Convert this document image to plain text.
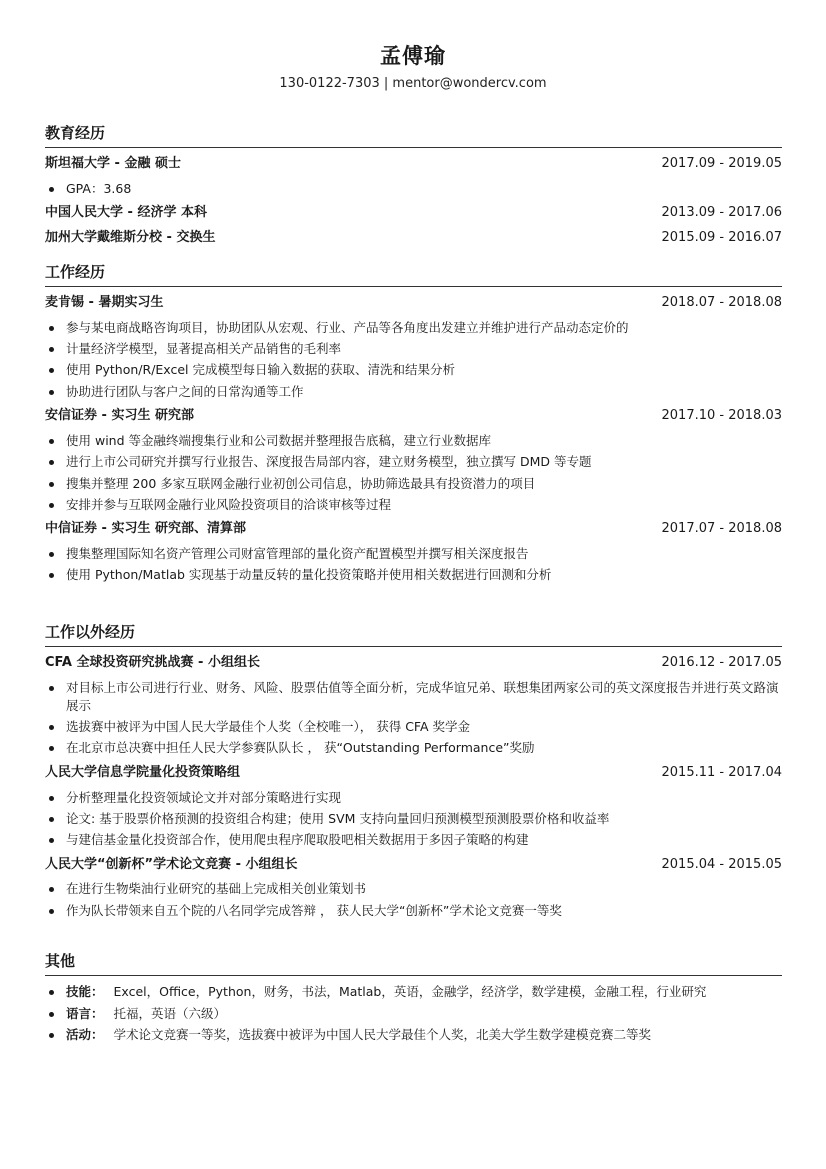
孟傅瑜
130-0122-7303 | mentor@wondercv.com
教育经历
斯坦福大学 - 金融 硕士	2017.09 - 2019.05
GPA：3.68
中国人民大学 - 经济学 本科	2013.09 - 2017.06
加州大学戴维斯分校 - 交换生	2015.09 - 2016.07
工作经历
麦肯锡 - 暑期实习生	2018.07 - 2018.08
参与某电商战略咨询项目，协助团队从宏观、行业、产品等各角度出发建立并维护进行产品动态定价的
计量经济学模型，显著提高相关产品销售的毛利率
使用 Python/R/Excel 完成模型每日输入数据的获取、清洗和结果分析
协助进行团队与客户之间的日常沟通等工作
安信证券 - 实习生 研究部	2017.10 - 2018.03
使用 wind 等金融终端搜集行业和公司数据并整理报告底稿，建立行业数据库
进行上市公司研究并撰写行业报告、深度报告局部内容，建立财务模型，独立撰写 DMD 等专题
搜集并整理 200 多家互联网金融行业初创公司信息，协助筛选最具有投资潜力的项目
安排并参与互联网金融行业风险投资项目的洽谈审核等过程
中信证券 - 实习生 研究部、清算部	2017.07 - 2018.08
搜集整理国际知名资产管理公司财富管理部的量化资产配置模型并撰写相关深度报告
使用 Python/Matlab 实现基于动量反转的量化投资策略并使用相关数据进行回测和分析
工作以外经历
CFA 全球投资研究挑战赛 - 小组组长	2016.12 - 2017.05
对目标上市公司进行行业、财务、风险、股票估值等全面分析，完成华谊兄弟、联想集团两家公司的英文深度报告并进行英文路演展示
选拔赛中被评为中国人民大学最佳个人奖（全校唯一）， 获得 CFA 奖学金
在北京市总决赛中担任人民大学参赛队队长 ， 获“Outstanding Performance”奖励
人民大学信息学院量化投资策略组	2015.11 - 2017.04
分析整理量化投资领域论文并对部分策略进行实现
论文: 基于股票价格预测的投资组合构建；使用 SVM 支持向量回归预测模型预测股票价格和收益率
与建信基金量化投资部合作，使用爬虫程序爬取股吧相关数据用于多因子策略的构建
人民大学“创新杯”学术论文竞赛 - 小组组长	2015.04 - 2015.05
在进行生物柴油行业研究的基础上完成相关创业策划书
作为队长带领来自五个院的八名同学完成答辩 ， 获人民大学“创新杯”学术论文竞赛一等奖
其他
技能： Excel，Office，Python，财务，书法，Matlab，英语，金融学，经济学，数学建模，金融工程，行业研究
语言： 托福，英语（六级）
活动： 学术论文竞赛一等奖，选拔赛中被评为中国人民大学最佳个人奖，北美大学生数学建模竞赛二等奖
